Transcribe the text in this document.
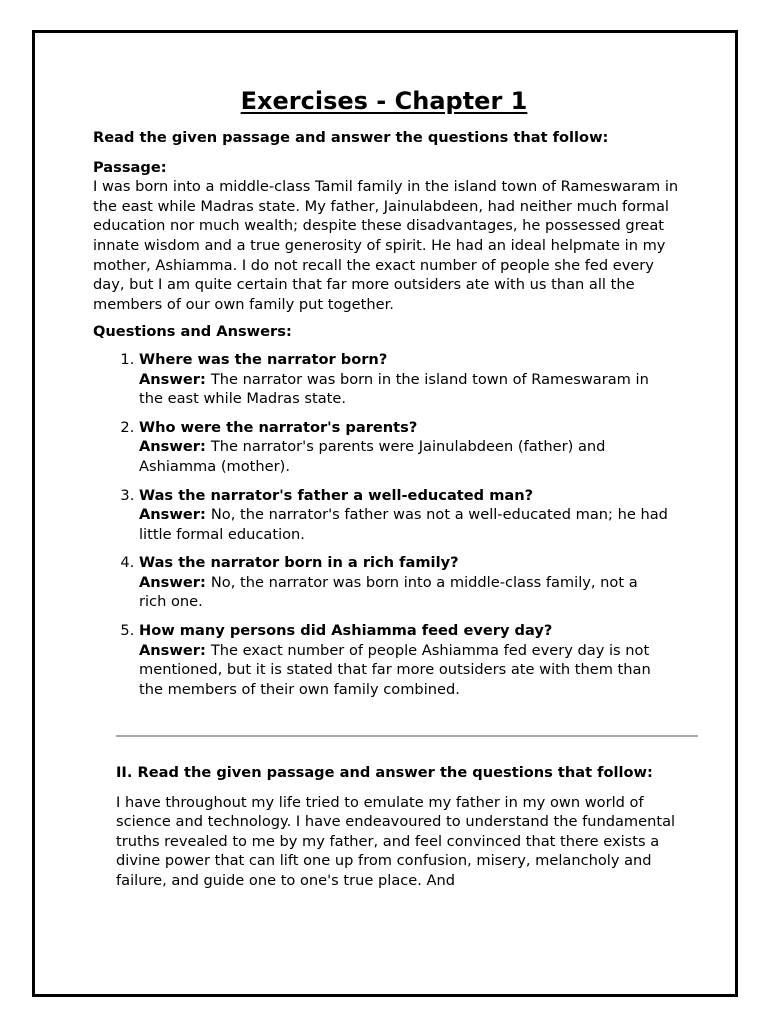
Exercises - Chapter 1

Read the given passage and answer the questions that follow:

Passage:

I was born into a middle-class Tamil family in the island town of Rameswaram in the east while Madras state. My father, Jainulabdeen, had neither much formal education nor much wealth; despite these disadvantages, he possessed great innate wisdom and a true generosity of spirit. He had an ideal helpmate in my mother, Ashiamma. I do not recall the exact number of people she fed every day, but I am quite certain that far more outsiders ate with us than all the members of our own family put together.

Questions and Answers:

1. Where was the narrator born?
Answer: The narrator was born in the island town of Rameswaram in the east while Madras state.
2. Who were the narrator's parents?
Answer: The narrator's parents were Jainulabdeen (father) and Ashiamma (mother).
3. Was the narrator's father a well-educated man?
Answer: No, the narrator's father was not a well-educated man; he had little formal education.
4. Was the narrator born in a rich family?
Answer: No, the narrator was born into a middle-class family, not a rich one.
5. How many persons did Ashiamma feed every day?
Answer: The exact number of people Ashiamma fed every day is not mentioned, but it is stated that far more outsiders ate with them than the members of their own family combined.

II. Read the given passage and answer the questions that follow:

I have throughout my life tried to emulate my father in my own world of science and technology. I have endeavoured to understand the fundamental truths revealed to me by my father, and feel convinced that there exists a divine power that can lift one up from confusion, misery, melancholy and failure, and guide one to one's true place. And
